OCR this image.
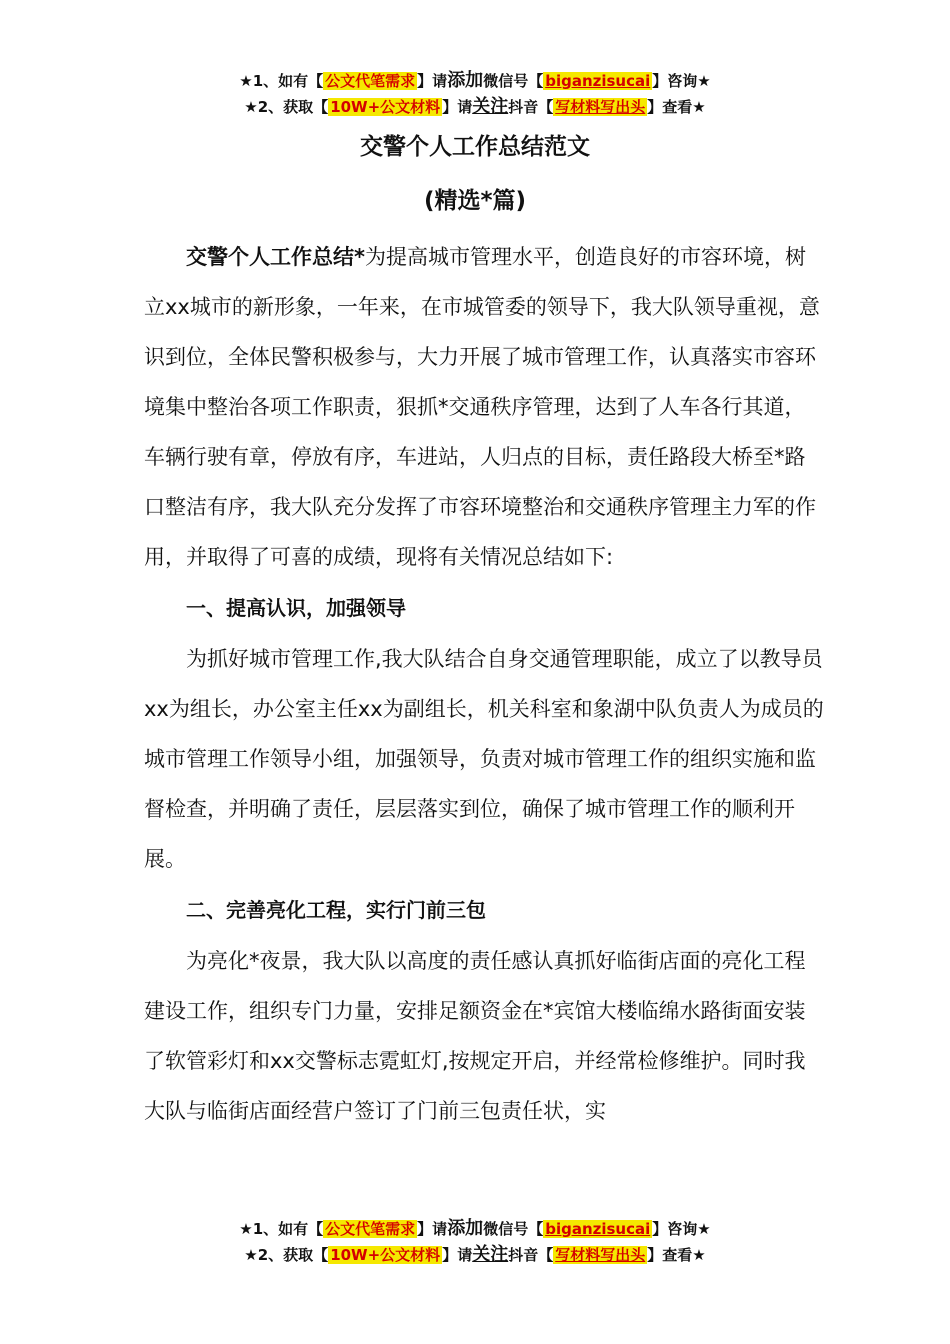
★1、如有【 公文代笔需求 】请添加微信号【 biganzisucai 】咨询★
★2、获取【 10W+公文材料 】请关注抖音【 写材料写出头 】查看★
交警个人工作总结范文
(精选*篇)

交警个人工作总结*为提高城市管理水平，创造良好的市容环境，树立xx城市的新形象，一年来，在市城管委的领导下，我大队领导重视，意识到位，全体民警积极参与，大力开展了城市管理工作，认真落实市容环境集中整治各项工作职责，狠抓*交通秩序管理，达到了人车各行其道，车辆行驶有章，停放有序，车进站，人归点的目标，责任路段大桥至*路口整洁有序，我大队充分发挥了市容环境整治和交通秩序管理主力军的作用，并取得了可喜的成绩，现将有关情况总结如下:

一、提高认识，加强领导

为抓好城市管理工作,我大队结合自身交通管理职能，成立了以教导员xx为组长，办公室主任xx为副组长，机关科室和象湖中队负责人为成员的城市管理工作领导小组，加强领导，负责对城市管理工作的组织实施和监督检查，并明确了责任，层层落实到位，确保了城市管理工作的顺利开展。

二、完善亮化工程，实行门前三包

为亮化*夜景，我大队以高度的责任感认真抓好临街店面的亮化工程建设工作，组织专门力量，安排足额资金在*宾馆大楼临绵水路街面安装了软管彩灯和xx交警标志霓虹灯,按规定开启，并经常检修维护。同时我大队与临街店面经营户签订了门前三包责任状，实

★1、如有【 公文代笔需求 】请添加微信号【 biganzisucai 】咨询★
★2、获取【 10W+公文材料 】请关注抖音【 写材料写出头 】查看★
